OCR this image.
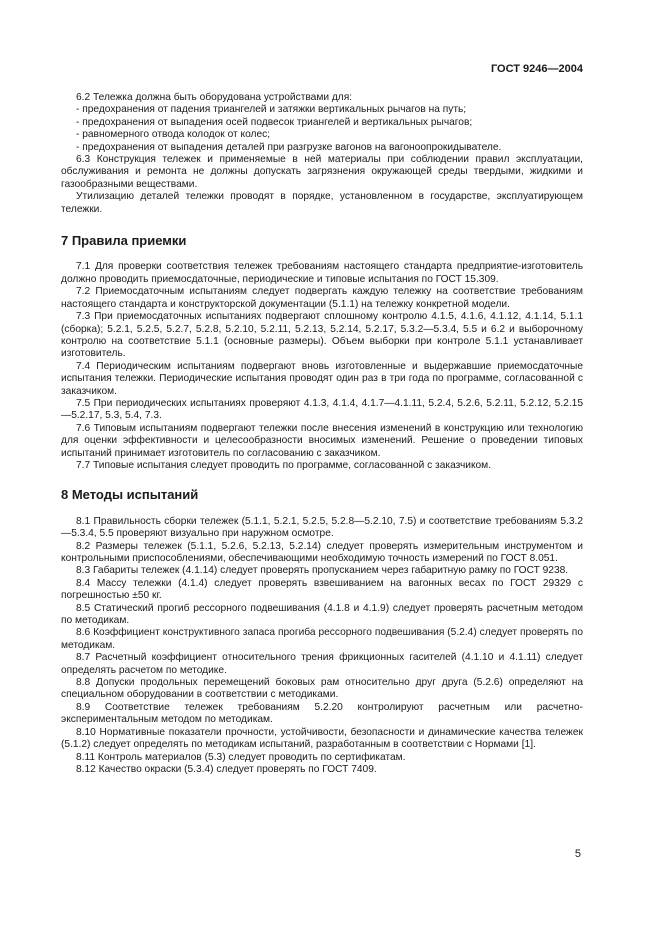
ГОСТ 9246—2004

6.2 Тележка должна быть оборудована устройствами для:

- предохранения от падения триангелей и затяжки вертикальных рычагов на путь;

- предохранения от выпадения осей подвесок триангелей и вертикальных рычагов;

- равномерного отвода колодок от колес;

- предохранения от выпадения деталей при разгрузке вагонов на вагоноопрокидывателе.

6.3 Конструкция тележек и применяемые в ней материалы при соблюдении правил эксплуатации, обслуживания и ремонта не должны допускать загрязнения окружающей среды твердыми, жидкими и газообразными веществами.

Утилизацию деталей тележки проводят в порядке, установленном в государстве, эксплуатирующем тележки.

7 Правила приемки

7.1 Для проверки соответствия тележек требованиям настоящего стандарта предприятие-изготовитель должно проводить приемосдаточные, периодические и типовые испытания по ГОСТ 15.309.

7.2 Приемосдаточным испытаниям следует подвергать каждую тележку на соответствие требованиям настоящего стандарта и конструкторской документации (5.1.1) на тележку конкретной модели.

7.3 При приемосдаточных испытаниях подвергают сплошному контролю 4.1.5, 4.1.6, 4.1.12, 4.1.14, 5.1.1 (сборка); 5.2.1, 5.2.5, 5.2.7, 5.2.8, 5.2.10, 5.2.11, 5.2.13, 5.2.14, 5.2.17, 5.3.2—5.3.4, 5.5 и 6.2 и выборочному контролю на соответствие 5.1.1 (основные размеры). Объем выборки при контроле 5.1.1 устанавливает изготовитель.

7.4 Периодическим испытаниям подвергают вновь изготовленные и выдержавшие приемосдаточные испытания тележки. Периодические испытания проводят один раз в три года по программе, согласованной с заказчиком.

7.5 При периодических испытаниях проверяют 4.1.3, 4.1.4, 4.1.7—4.1.11, 5.2.4, 5.2.6, 5.2.11, 5.2.12, 5.2.15—5.2.17, 5.3, 5.4, 7.3.

7.6 Типовым испытаниям подвергают тележки после внесения изменений в конструкцию или технологию для оценки эффективности и целесообразности вносимых изменений. Решение о проведении типовых испытаний принимает изготовитель по согласованию с заказчиком.

7.7 Типовые испытания следует проводить по программе, согласованной с заказчиком.

8 Методы испытаний

8.1 Правильность сборки тележек (5.1.1, 5.2.1, 5.2.5, 5.2.8—5.2.10, 7.5) и соответствие требованиям 5.3.2—5.3.4, 5.5 проверяют визуально при наружном осмотре.

8.2 Размеры тележек (5.1.1, 5.2.6, 5.2.13, 5.2.14) следует проверять измерительным инструментом и контрольными приспособлениями, обеспечивающими необходимую точность измерений по ГОСТ 8.051.

8.3 Габариты тележек (4.1.14) следует проверять пропусканием через габаритную рамку по ГОСТ 9238.

8.4 Массу тележки (4.1.4) следует проверять взвешиванием на вагонных весах по ГОСТ 29329 с погрешностью ±50 кг.

8.5 Статический прогиб рессорного подвешивания (4.1.8 и 4.1.9) следует проверять расчетным методом по методикам.

8.6 Коэффициент конструктивного запаса прогиба рессорного подвешивания (5.2.4) следует проверять по методикам.

8.7 Расчетный коэффициент относительного трения фрикционных гасителей (4.1.10 и 4.1.11) следует определять расчетом по методике.

8.8 Допуски продольных перемещений боковых рам относительно друг друга (5.2.6) определяют на специальном оборудовании в соответствии с методиками.

8.9 Соответствие тележек требованиям 5.2.20 контролируют расчетным или расчетно-экспериментальным методом по методикам.

8.10 Нормативные показатели прочности, устойчивости, безопасности и динамические качества тележек (5.1.2) следует определять по методикам испытаний, разработанным в соответствии с Нормами [1].

8.11 Контроль материалов (5.3) следует проводить по сертификатам.

8.12 Качество окраски (5.3.4) следует проверять по ГОСТ 7409.

5
